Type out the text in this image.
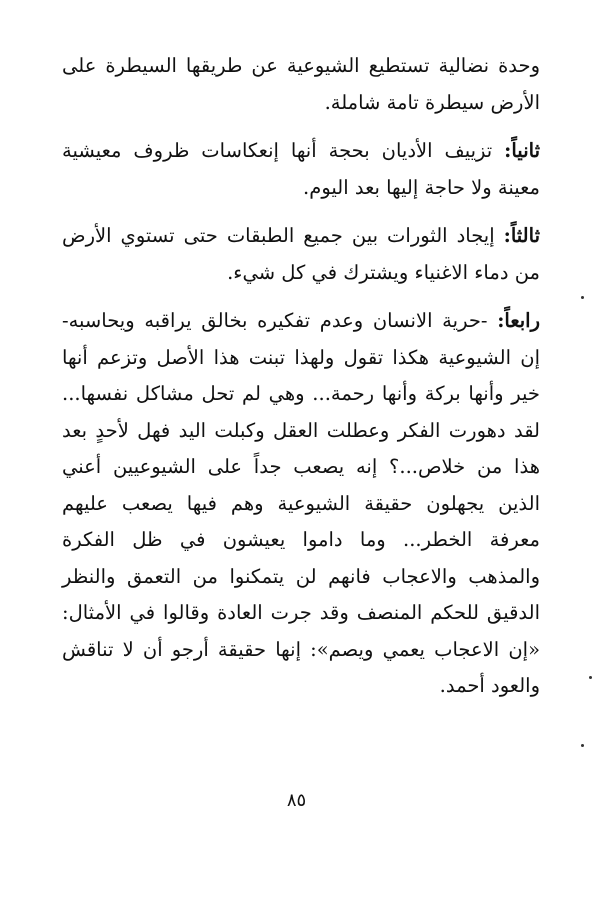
وحدة نضالية تستطيع الشيوعية عن طريقها السيطرة على الأرض سيطرة تامة شاملة.

ثانياً: تزييف الأديان بحجة أنها إنعكاسات ظروف معيشية معينة ولا حاجة إليها بعد اليوم.

ثالثاً: إيجاد الثورات بين جميع الطبقات حتى تستوي الأرض من دماء الاغنياء ويشترك في كل شيء.

رابعاً: -حرية الانسان وعدم تفكيره بخالق يراقبه ويحاسبه- إن الشيوعية هكذا تقول ولهذا تبنت هذا الأصل وتزعم أنها خير وأنها بركة وأنها رحمة... وهي لم تحل مشاكل نفسها... لقد دهورت الفكر وعطلت العقل وكبلت اليد فهل لأحدٍ بعد هذا من خلاص...؟ إنه يصعب جداً على الشيوعيين أعني الذين يجهلون حقيقة الشيوعية وهم فيها يصعب عليهم معرفة الخطر... وما داموا يعيشون في ظل الفكرة والمذهب والاعجاب فانهم لن يتمكنوا من التعمق والنظر الدقيق للحكم المنصف وقد جرت العادة وقالوا في الأمثال: «إن الاعجاب يعمي ويصم»: إنها حقيقة أرجو أن لا تناقش والعود أحمد.

٨٥
